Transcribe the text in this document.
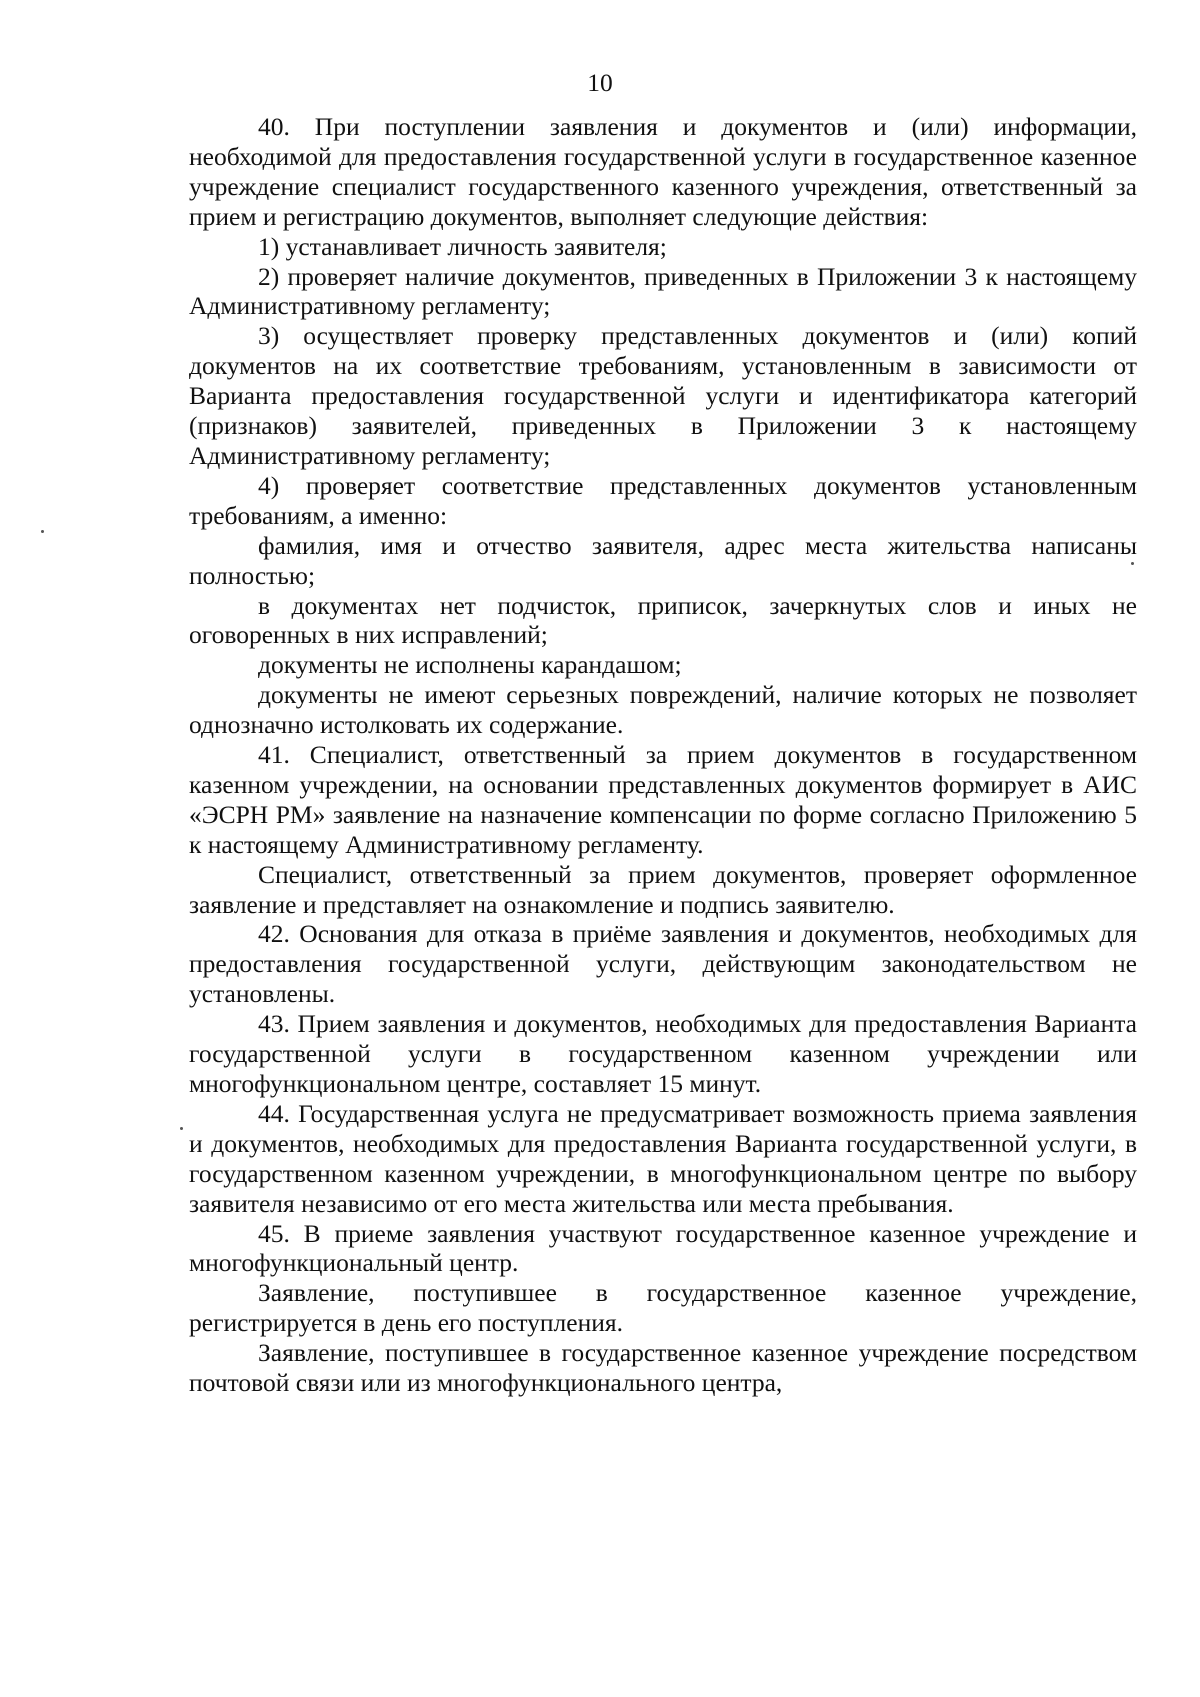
10

40. При поступлении заявления и документов и (или) информации, необходимой для предоставления государственной услуги в государственное казенное учреждение специалист государственного казенного учреждения, ответственный за прием и регистрацию документов, выполняет следующие действия:

1) устанавливает личность заявителя;

2) проверяет наличие документов, приведенных в Приложении 3 к настоящему Административному регламенту;

3) осуществляет проверку представленных документов и (или) копий документов на их соответствие требованиям, установленным в зависимости от Варианта предоставления государственной услуги и идентификатора категорий (признаков) заявителей, приведенных в Приложении 3 к настоящему Административному регламенту;

4) проверяет соответствие представленных документов установленным требованиям, а именно:

фамилия, имя и отчество заявителя, адрес места жительства написаны полностью;

в документах нет подчисток, приписок, зачеркнутых слов и иных не оговоренных в них исправлений;

документы не исполнены карандашом;

документы не имеют серьезных повреждений, наличие которых не позволяет однозначно истолковать их содержание.

41. Специалист, ответственный за прием документов в государственном казенном учреждении, на основании представленных документов формирует в АИС «ЭСРН РМ» заявление на назначение компенсации по форме согласно Приложению 5 к настоящему Административному регламенту.

Специалист, ответственный за прием документов, проверяет оформленное заявление и представляет на ознакомление и подпись заявителю.

42. Основания для отказа в приёме заявления и документов, необходимых для предоставления государственной услуги, действующим законодательством не установлены.

43. Прием заявления и документов, необходимых для предоставления Варианта государственной услуги в государственном казенном учреждении или многофункциональном центре, составляет 15 минут.

44. Государственная услуга не предусматривает возможность приема заявления и документов, необходимых для предоставления Варианта государственной услуги, в государственном казенном учреждении, в многофункциональном центре по выбору заявителя независимо от его места жительства или места пребывания.

45. В приеме заявления участвуют государственное казенное учреждение и многофункциональный центр.

Заявление, поступившее в государственное казенное учреждение, регистрируется в день его поступления.

Заявление, поступившее в государственное казенное учреждение посредством почтовой связи или из многофункционального центра,
